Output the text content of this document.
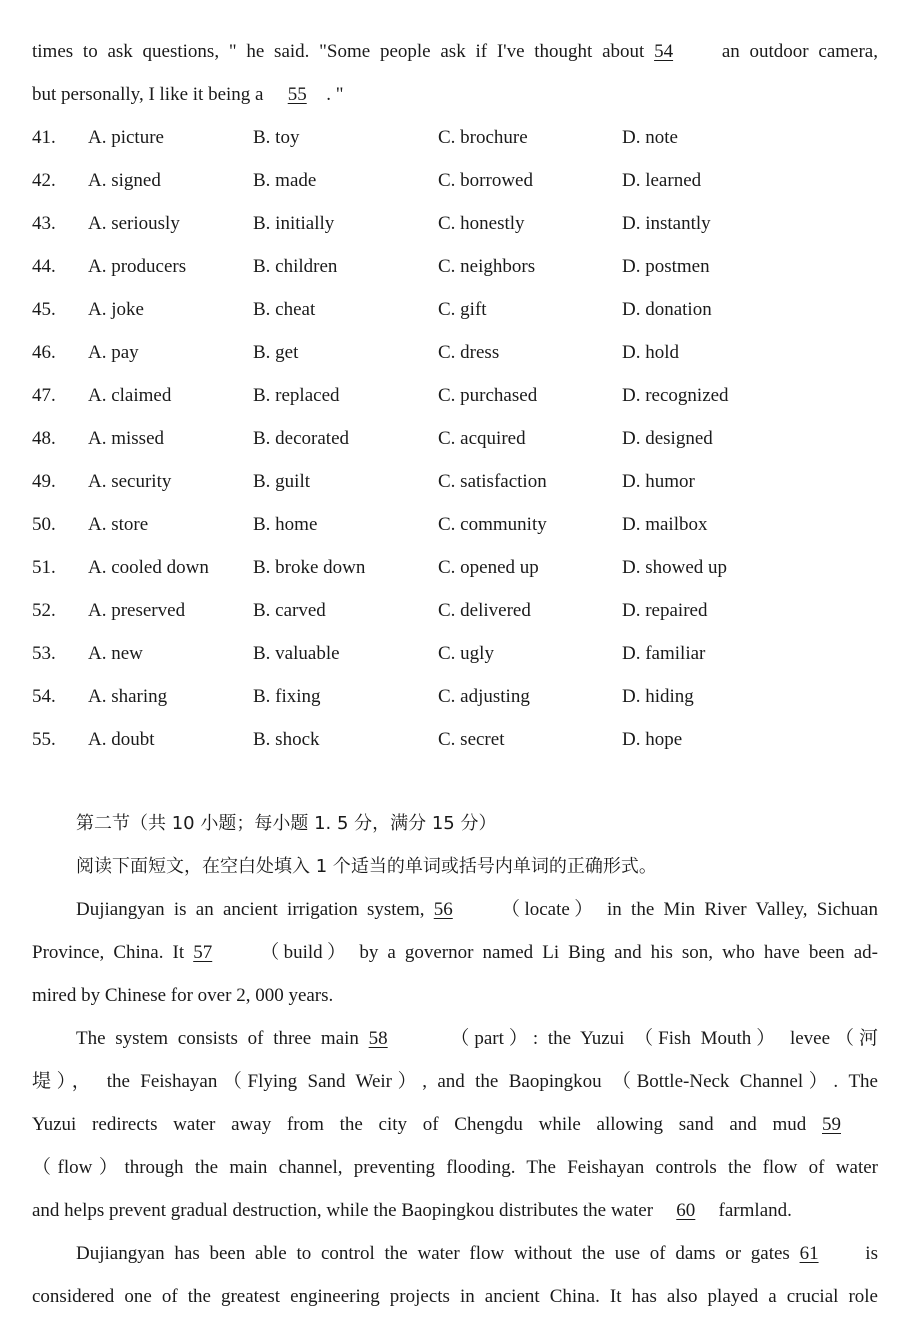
times to ask questions, " he said. "Some people ask if I've thought about 54 an outdoor camera,
but personally, I like it being a 55 . "
41. A. picture	B. toy	C. brochure	D. note
42. A. signed	B. made	C. borrowed	D. learned
43. A. seriously	B. initially	C. honestly	D. instantly
44. A. producers	B. children	C. neighbors	D. postmen
45. A. joke	B. cheat	C. gift	D. donation
46. A. pay	B. get	C. dress	D. hold
47. A. claimed	B. replaced	C. purchased	D. recognized
48. A. missed	B. decorated	C. acquired	D. designed
49. A. security	B. guilt	C. satisfaction	D. humor
50. A. store	B. home	C. community	D. mailbox
51. A. cooled down B. broke down	C. opened up	D. showed up
52. A. preserved	B. carved	C. delivered	D. repaired
53. A. new	B. valuable	C. ugly	D. familiar
54. A. sharing	B. fixing	C. adjusting	D. hiding
55. A. doubt	B. shock	C. secret	D. hope
第二节（共 10 小题；每小题 1. 5 分，满分 15 分）
阅读下面短文，在空白处填入 1 个适当的单词或括号内单词的正确形式。
Dujiangyan is an ancient irrigation system, 56 （locate） in the Min River Valley, Sichuan
Province, China. It 57 （build） by a governor named Li Bing and his son, who have been ad-
mired by Chinese for over 2, 000 years.
The system consists of three main 58	（part）: the Yuzui （Fish Mouth） levee（河
堤）， the Feishayan（Flying Sand Weir）, and the Baopingkou （Bottle-Neck Channel）. The
Yuzui redirects water away from the city of Chengdu while allowing sand and mud 59
（flow）through the main channel, preventing flooding. The Feishayan controls the flow of water
and helps prevent gradual destruction, while the Baopingkou distributes the water 60 farmland.
Dujiangyan has been able to control the water flow without the use of dams or gates 61 is
considered one of the greatest engineering projects in ancient China. It has also played a crucial role
